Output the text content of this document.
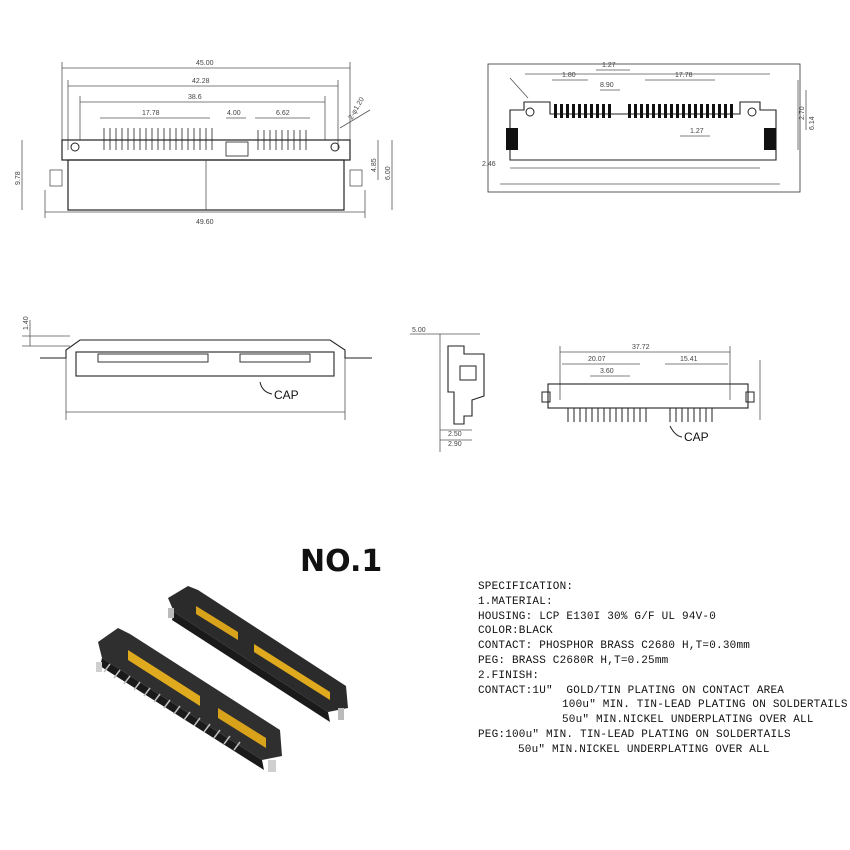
45.00
42.28
38.6
17.78	4.00	6.62
49.60
2-φ1.20
9.78
4.85
6.00
1.80
1.27
17.78
8.90
1.27
2.46
2.70
6.14
1.40
CAP
5.00
2.50
2.90
37.72
20.07	15.41
3.60
CAP
NO.1
SPECIFICATION:
1.MATERIAL:
HOUSING: LCP E130I 30% G/F UL 94V-0
COLOR:BLACK
CONTACT: PHOSPHOR BRASS C2680 H,T=0.30mm
PEG: BRASS C2680R H,T=0.25mm
2.FINISH:
CONTACT:1U"  GOLD/TIN PLATING ON CONTACT AREA
100u" MIN. TIN-LEAD PLATING ON SOLDERTAILS
50u" MIN.NICKEL UNDERPLATING OVER ALL
PEG:100u" MIN. TIN-LEAD PLATING ON SOLDERTAILS
50u" MIN.NICKEL UNDERPLATING OVER ALL
